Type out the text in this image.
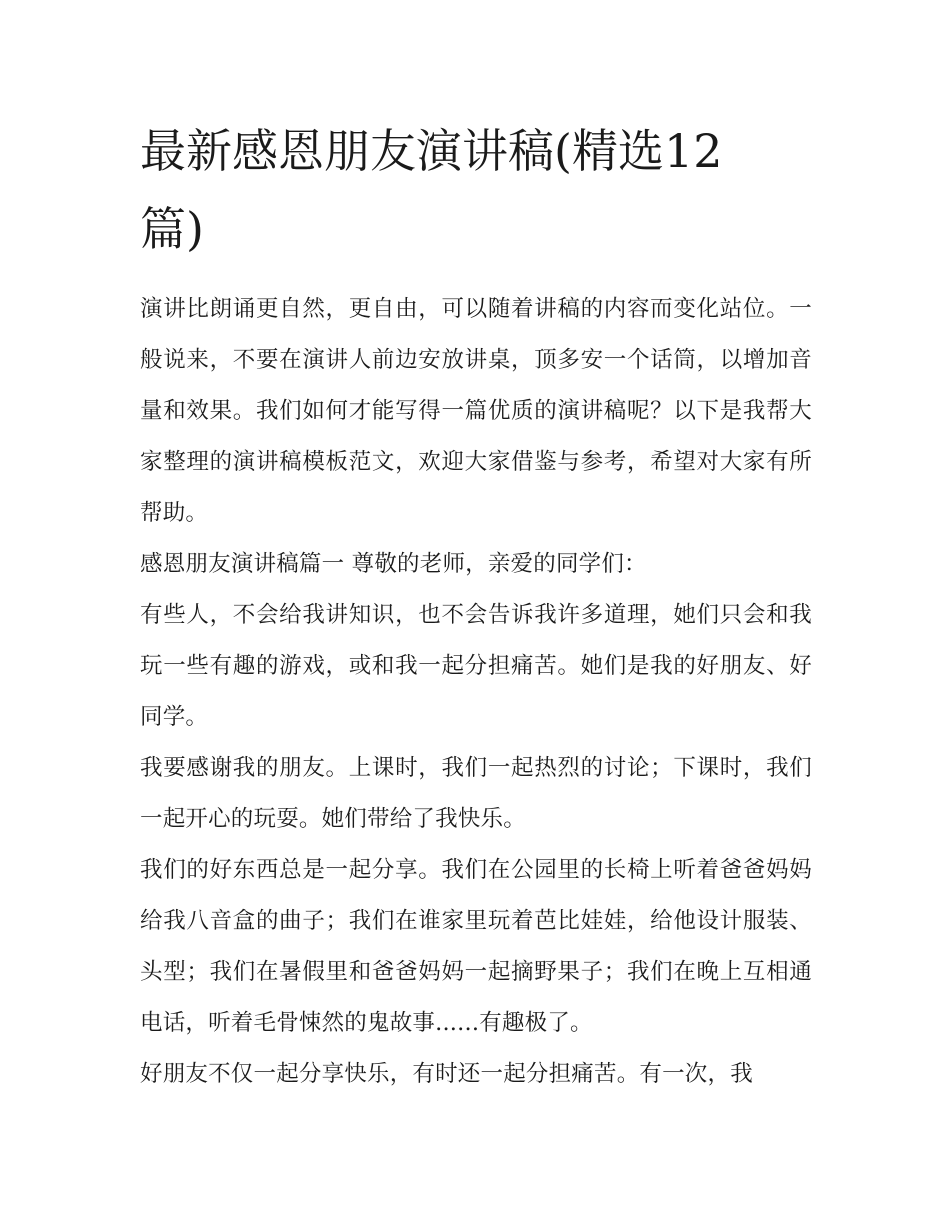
最新感恩朋友演讲稿(精选12篇)

演讲比朗诵更自然，更自由，可以随着讲稿的内容而变化站位。一般说来，不要在演讲人前边安放讲桌，顶多安一个话筒，以增加音量和效果。我们如何才能写得一篇优质的演讲稿呢？以下是我帮大家整理的演讲稿模板范文，欢迎大家借鉴与参考，希望对大家有所帮助。

感恩朋友演讲稿篇一 尊敬的老师，亲爱的同学们：

有些人，不会给我讲知识，也不会告诉我许多道理，她们只会和我玩一些有趣的游戏，或和我一起分担痛苦。她们是我的好朋友、好同学。

我要感谢我的朋友。上课时，我们一起热烈的讨论；下课时，我们一起开心的玩耍。她们带给了我快乐。

我们的好东西总是一起分享。我们在公园里的长椅上听着爸爸妈妈给我八音盒的曲子；我们在谁家里玩着芭比娃娃，给他设计服装、头型；我们在暑假里和爸爸妈妈一起摘野果子；我们在晚上互相通电话，听着毛骨悚然的鬼故事......有趣极了。

好朋友不仅一起分享快乐，有时还一起分担痛苦。有一次，我
